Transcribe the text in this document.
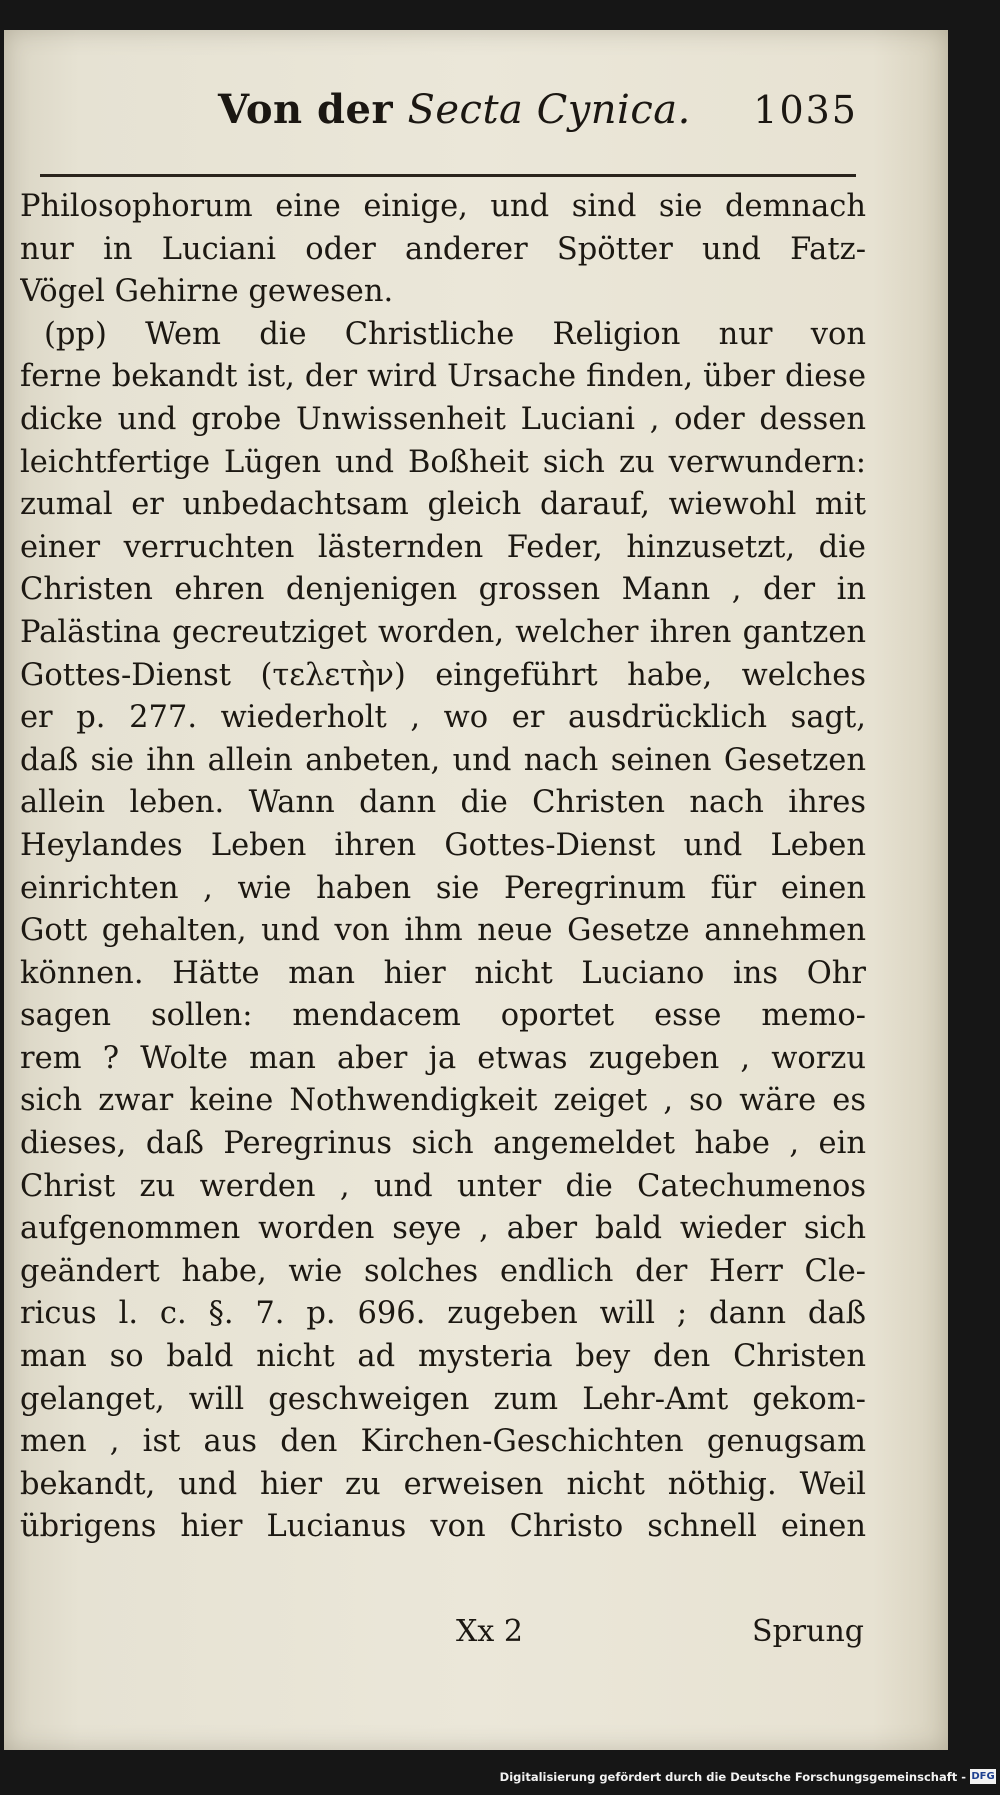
Von der Secta Cynica. 1035
Philosophorum eine einige, und sind sie demnach
nur in Luciani oder anderer Spötter und Fatz-
Vögel Gehirne gewesen.
(pp) Wem die Christliche Religion nur von
ferne bekandt ist, der wird Ursache finden, über diese
dicke und grobe Unwissenheit Luciani , oder dessen
leichtfertige Lügen und Boßheit sich zu verwundern:
zumal er unbedachtsam gleich darauf, wiewohl mit
einer verruchten lästernden Feder, hinzusetzt, die
Christen ehren denjenigen grossen Mann , der in
Palästina gecreutziget worden, welcher ihren gantzen
Gottes-Dienst (τελετὴν) eingeführt habe, welches
er p. 277. wiederholt , wo er ausdrücklich sagt,
daß sie ihn allein anbeten, und nach seinen Gesetzen
allein leben. Wann dann die Christen nach ihres
Heylandes Leben ihren Gottes-Dienst und Leben
einrichten , wie haben sie Peregrinum für einen
Gott gehalten, und von ihm neue Gesetze annehmen
können. Hätte man hier nicht Luciano ins Ohr
sagen sollen: mendacem oportet esse memo-
rem ? Wolte man aber ja etwas zugeben , worzu
sich zwar keine Nothwendigkeit zeiget , so wäre es
dieses, daß Peregrinus sich angemeldet habe , ein
Christ zu werden , und unter die Catechumenos
aufgenommen worden seye , aber bald wieder sich
geändert habe, wie solches endlich der Herr Cle-
ricus l. c. §. 7. p. 696. zugeben will ; dann daß
man so bald nicht ad mysteria bey den Christen
gelanget, will geschweigen zum Lehr-Amt gekom-
men , ist aus den Kirchen-Geschichten genugsam
bekandt, und hier zu erweisen nicht nöthig. Weil
übrigens hier Lucianus von Christo schnell einen
Xx 2	Sprung
Digitalisierung gefördert durch die Deutsche Forschungsgemeinschaft - DFG
